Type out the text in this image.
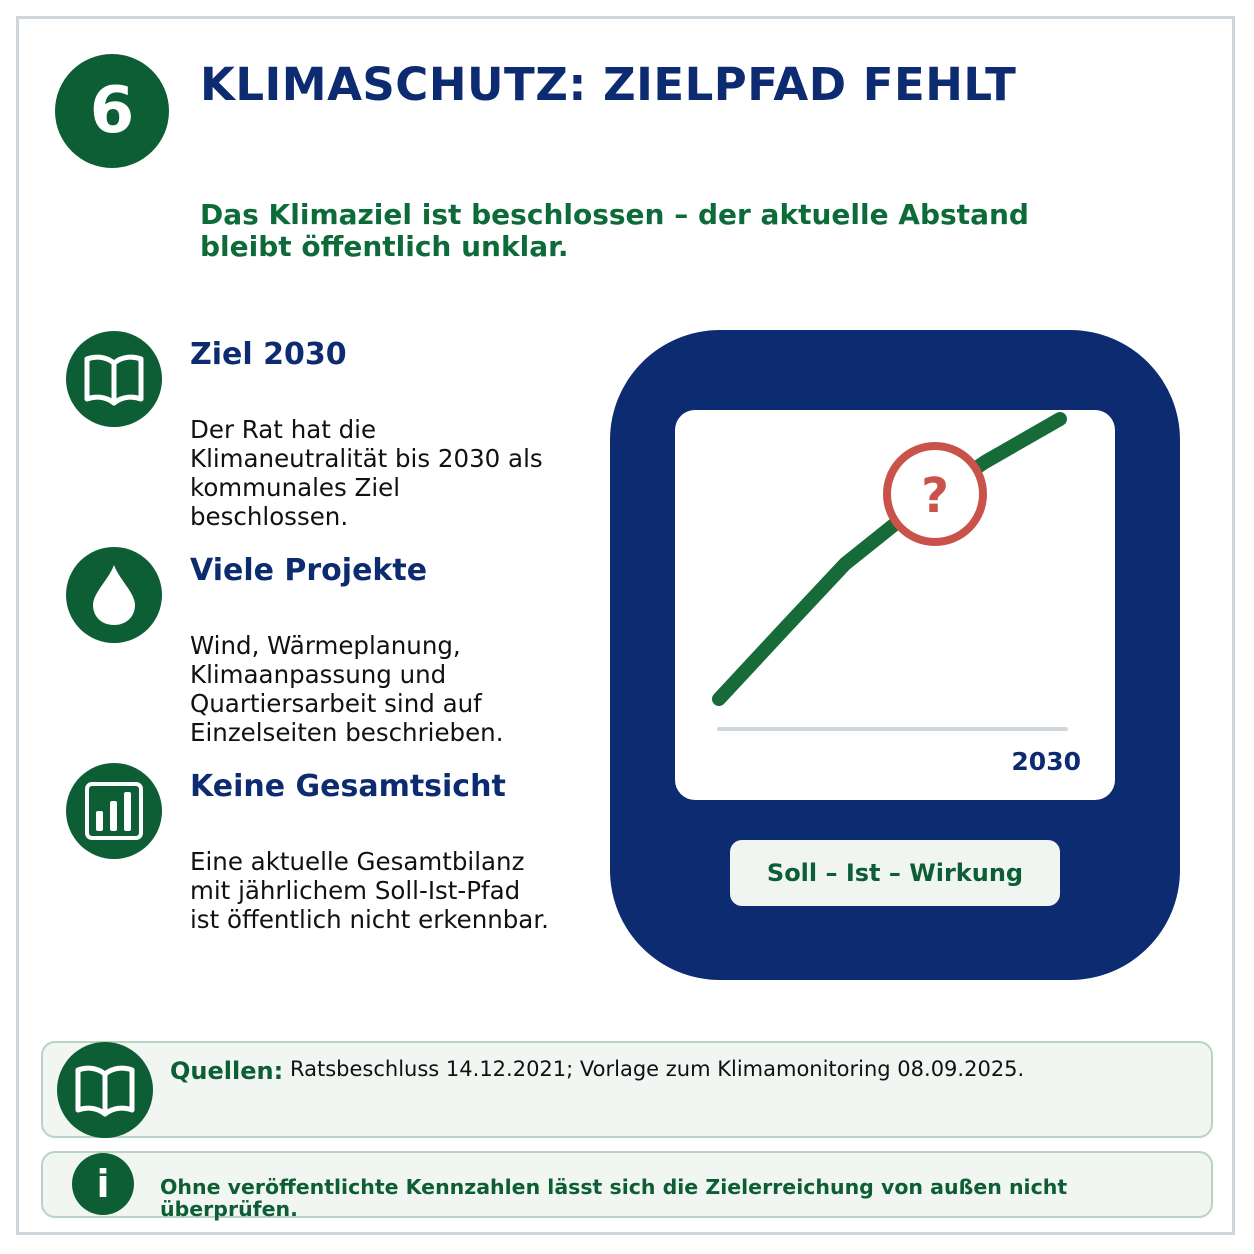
6 KLIMASCHUTZ: ZIELPFAD FEHLT
Das Klimaziel ist beschlossen – der aktuelle Abstand bleibt öffentlich unklar.
Ziel 2030
Der Rat hat die Klimaneutralität bis 2030 als kommunales Ziel beschlossen.
Viele Projekte
Wind, Wärmeplanung, Klimaanpassung und Quartiersarbeit sind auf Einzelseiten beschrieben.
Keine Gesamtsicht
Eine aktuelle Gesamtbilanz mit jährlichem Soll-Ist-Pfad ist öffentlich nicht erkennbar.
?
2030
Soll – Ist – Wirkung
Quellen: Ratsbeschluss 14.12.2021; Vorlage zum Klimamonitoring 08.09.2025.
i Ohne veröffentlichte Kennzahlen lässt sich die Zielerreichung von außen nicht überprüfen.
